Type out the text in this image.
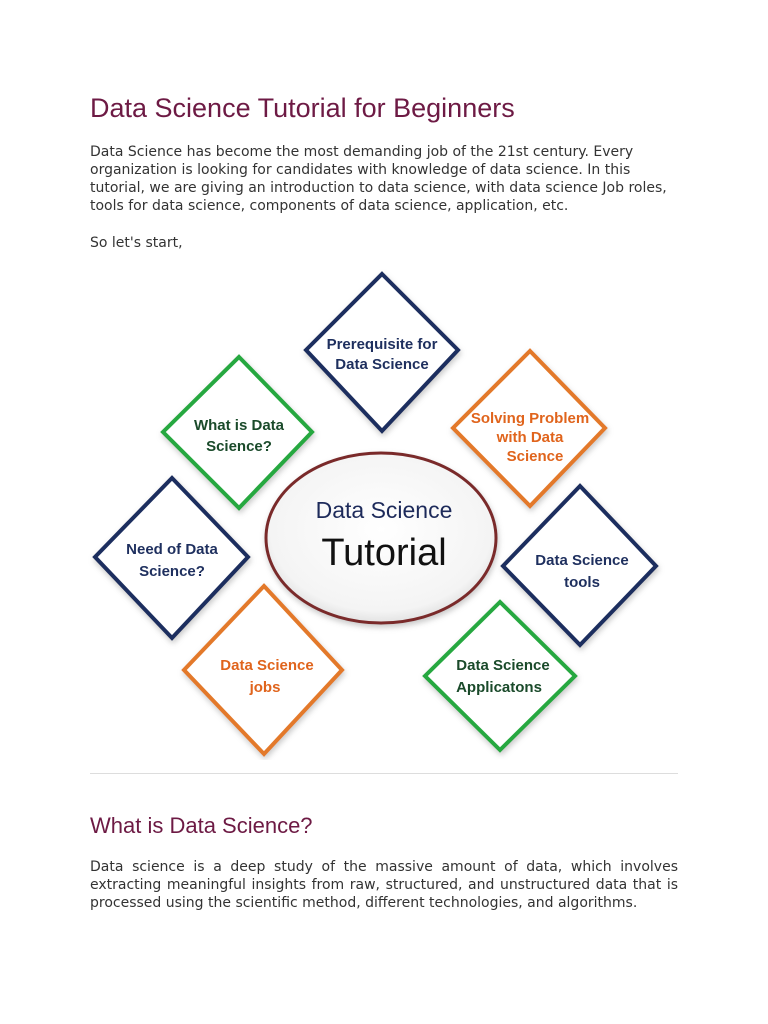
Data Science Tutorial for Beginners

Data Science has become the most demanding job of the 21st century. Every organization is looking for candidates with knowledge of data science. In this tutorial, we are giving an introduction to data science, with data science Job roles, tools for data science, components of data science, application, etc.

So let's start,

Prerequisite for Data Science
Solving Problem with Data Science
What is Data Science?
Data Science
Tutorial
Need of Data Science?
Data Science tools
Data Science jobs
Data Science Applicatons
What is Data Science?

Data science is a deep study of the massive amount of data, which involves extracting meaningful insights from raw, structured, and unstructured data that is processed using the scientific method, different technologies, and algorithms.
